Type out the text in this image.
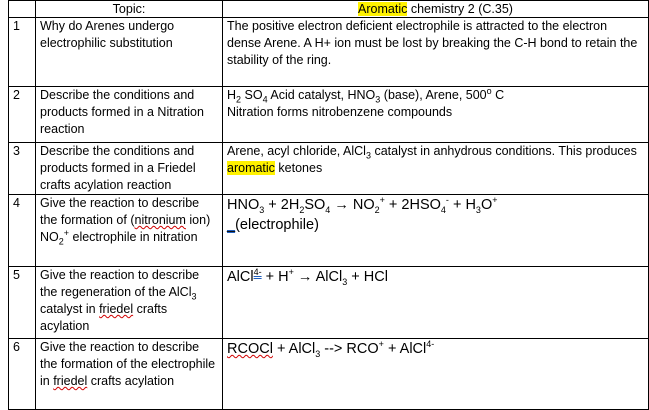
	Topic:	Aromatic chemistry 2 (C.35)
1	Why do Arenes undergo electrophilic substitution	The positive electron deficient electrophile is attracted to the electron dense Arene. A H+ ion must be lost by breaking the C-H bond to retain the stability of the ring.
2	Describe the conditions and products formed in a Nitration reaction	$H_2$ $SO_4$ Acid catalyst, $HNO_3$ (base), Arene, 500$^o$ C
Nitration forms nitrobenzene compounds

3	Describe the conditions and products formed in a Friedel crafts acylation reaction	Arene, acyl chloride, AlCl$_3$ catalyst in anhydrous conditions. This produces aromatic ketones
4	Give the reaction to describe the formation of (nitronium ion) $NO_2^+$ electrophile in nitration	$HNO_3 + 2H_2SO_4 \to NO_2^+ + 2HSO_4^- + H_3O^+$
_(electrophile)

5	Give the reaction to describe the regeneration of the AlCl$_3$ catalyst in friedel crafts acylation	AlCl$^{4-}$ + H+ → AlCl$_3$ + HCl
6	Give the reaction to describe the formation of the electrophile in friedel crafts acylation	RCOCl + AlCl$_3$ --> RCO+ + AlCl$^{4-}$
